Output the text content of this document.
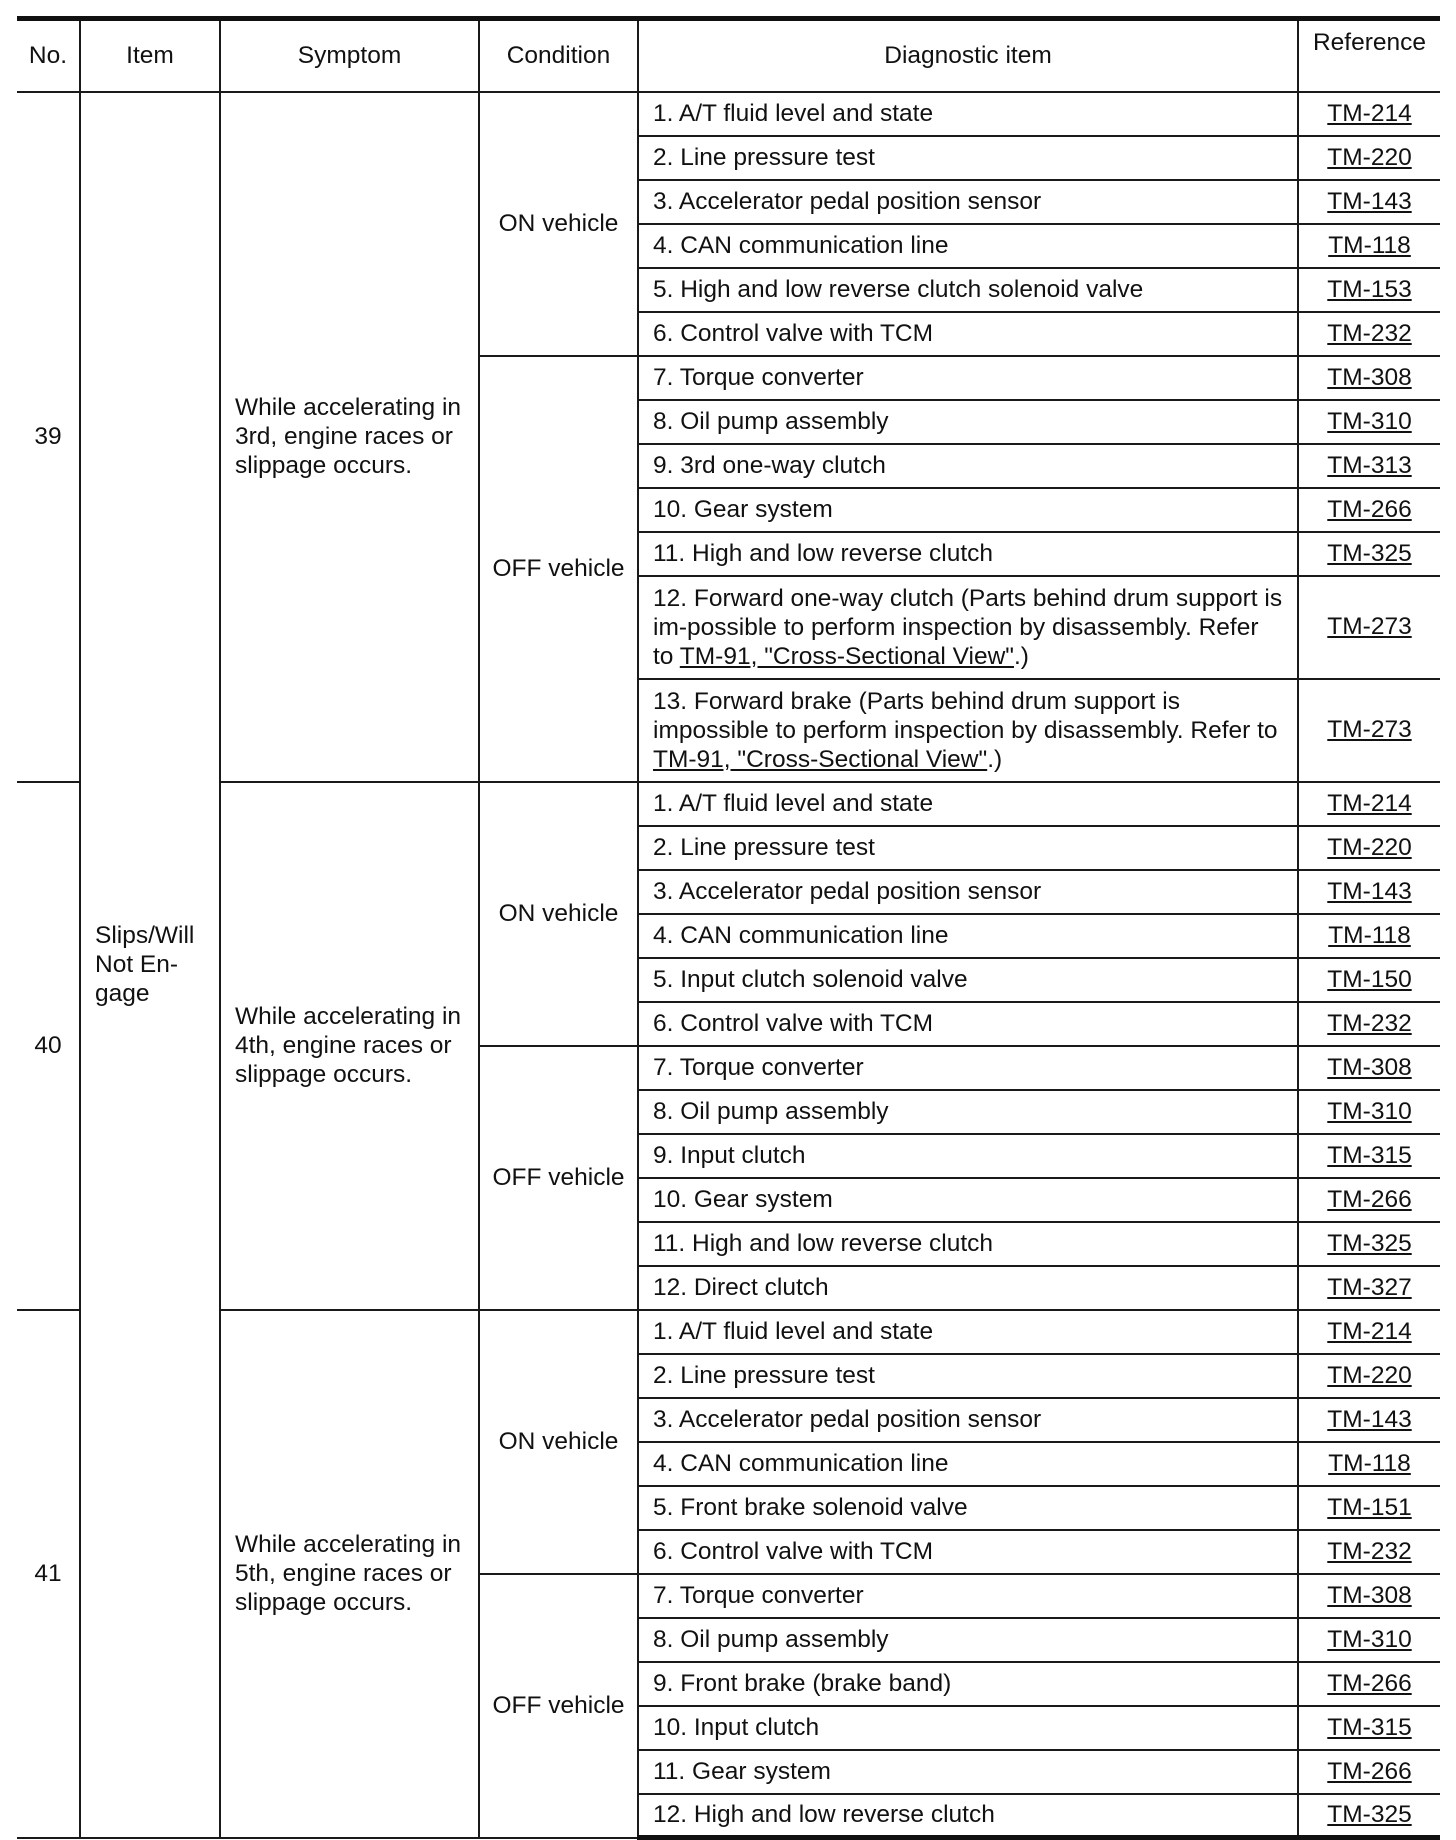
No.	Item	Symptom	Condition	Diagnostic item	Reference
39	Slips/Will Not En-gage	While accelerating in 3rd, engine races or slippage occurs.	ON vehicle	1. A/T fluid level and state	TM-214
				2. Line pressure test	TM-220
				3. Accelerator pedal position sensor	TM-143
				4. CAN communication line	TM-118
				5. High and low reverse clutch solenoid valve	TM-153
				6. Control valve with TCM	TM-232
			OFF vehicle	7. Torque converter	TM-308
				8. Oil pump assembly	TM-310
				9. 3rd one-way clutch	TM-313
				10. Gear system	TM-266
				11. High and low reverse clutch	TM-325
				12. Forward one-way clutch (Parts behind drum support is im-possible to perform inspection by disassembly. Refer to TM-91, "Cross-Sectional View".)	TM-273
				13. Forward brake (Parts behind drum support is impossible to perform inspection by disassembly. Refer to TM-91, "Cross-Sectional View".)	TM-273
40		While accelerating in 4th, engine races or slippage occurs.	ON vehicle	1. A/T fluid level and state	TM-214
				2. Line pressure test	TM-220
				3. Accelerator pedal position sensor	TM-143
				4. CAN communication line	TM-118
				5. Input clutch solenoid valve	TM-150
				6. Control valve with TCM	TM-232
			OFF vehicle	7. Torque converter	TM-308
				8. Oil pump assembly	TM-310
				9. Input clutch	TM-315
				10. Gear system	TM-266
				11. High and low reverse clutch	TM-325
				12. Direct clutch	TM-327
41		While accelerating in 5th, engine races or slippage occurs.	ON vehicle	1. A/T fluid level and state	TM-214
				2. Line pressure test	TM-220
				3. Accelerator pedal position sensor	TM-143
				4. CAN communication line	TM-118
				5. Front brake solenoid valve	TM-151
				6. Control valve with TCM	TM-232
			OFF vehicle	7. Torque converter	TM-308
				8. Oil pump assembly	TM-310
				9. Front brake (brake band)	TM-266
				10. Input clutch	TM-315
				11. Gear system	TM-266
				12. High and low reverse clutch	TM-325
